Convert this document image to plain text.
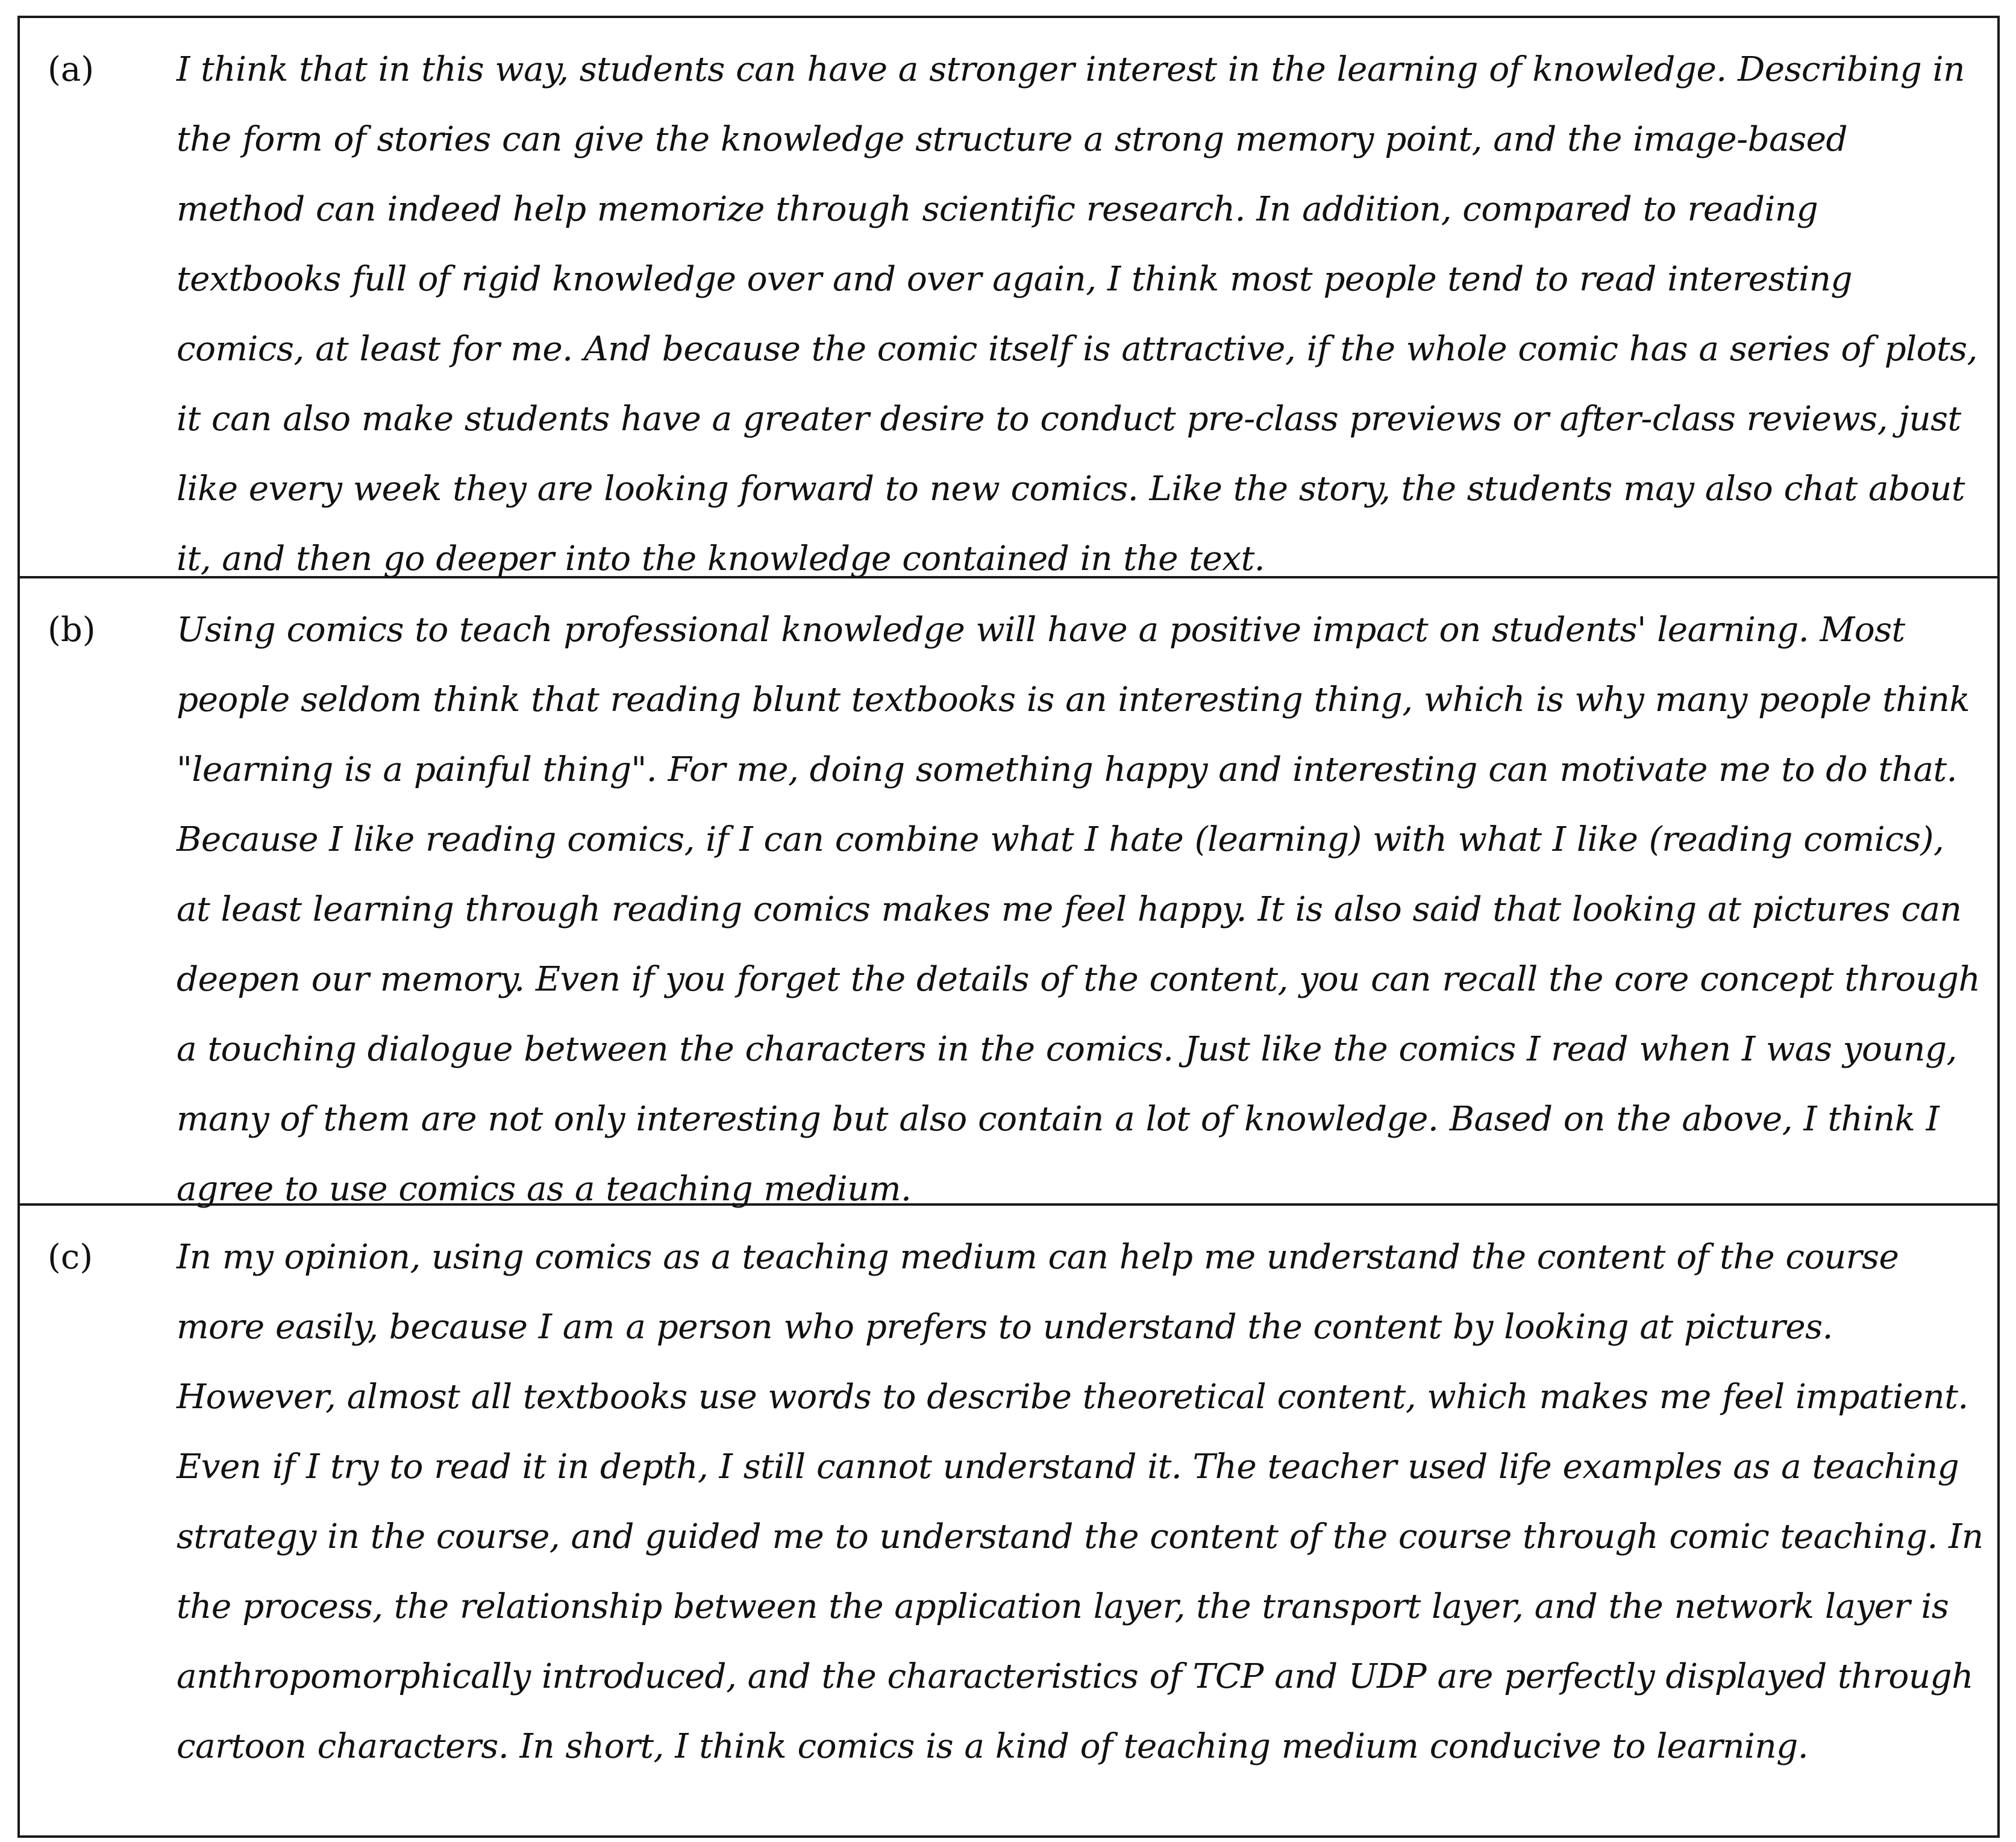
(a)	I think that in this way, students can have a stronger interest in the learning of knowledge. Describing in the form of stories can give the knowledge structure a strong memory point, and the image-based method can indeed help memorize through scientific research. In addition, compared to reading textbooks full of rigid knowledge over and over again, I think most people tend to read interesting comics, at least for me. And because the comic itself is attractive, if the whole comic has a series of plots, it can also make students have a greater desire to conduct pre-class previews or after-class reviews, just like every week they are looking forward to new comics. Like the story, the students may also chat about it, and then go deeper into the knowledge contained in the text.
(b)	Using comics to teach professional knowledge will have a positive impact on students' learning. Most people seldom think that reading blunt textbooks is an interesting thing, which is why many people think "learning is a painful thing". For me, doing something happy and interesting can motivate me to do that. Because I like reading comics, if I can combine what I hate (learning) with what I like (reading comics), at least learning through reading comics makes me feel happy. It is also said that looking at pictures can deepen our memory. Even if you forget the details of the content, you can recall the core concept through a touching dialogue between the characters in the comics. Just like the comics I read when I was young, many of them are not only interesting but also contain a lot of knowledge. Based on the above, I think I agree to use comics as a teaching medium.
(c)	In my opinion, using comics as a teaching medium can help me understand the content of the course more easily, because I am a person who prefers to understand the content by looking at pictures. However, almost all textbooks use words to describe theoretical content, which makes me feel impatient. Even if I try to read it in depth, I still cannot understand it. The teacher used life examples as a teaching strategy in the course, and guided me to understand the content of the course through comic teaching. In the process, the relationship between the application layer, the transport layer, and the network layer is anthropomorphically introduced, and the characteristics of TCP and UDP are perfectly displayed through cartoon characters. In short, I think comics is a kind of teaching medium conducive to learning.
